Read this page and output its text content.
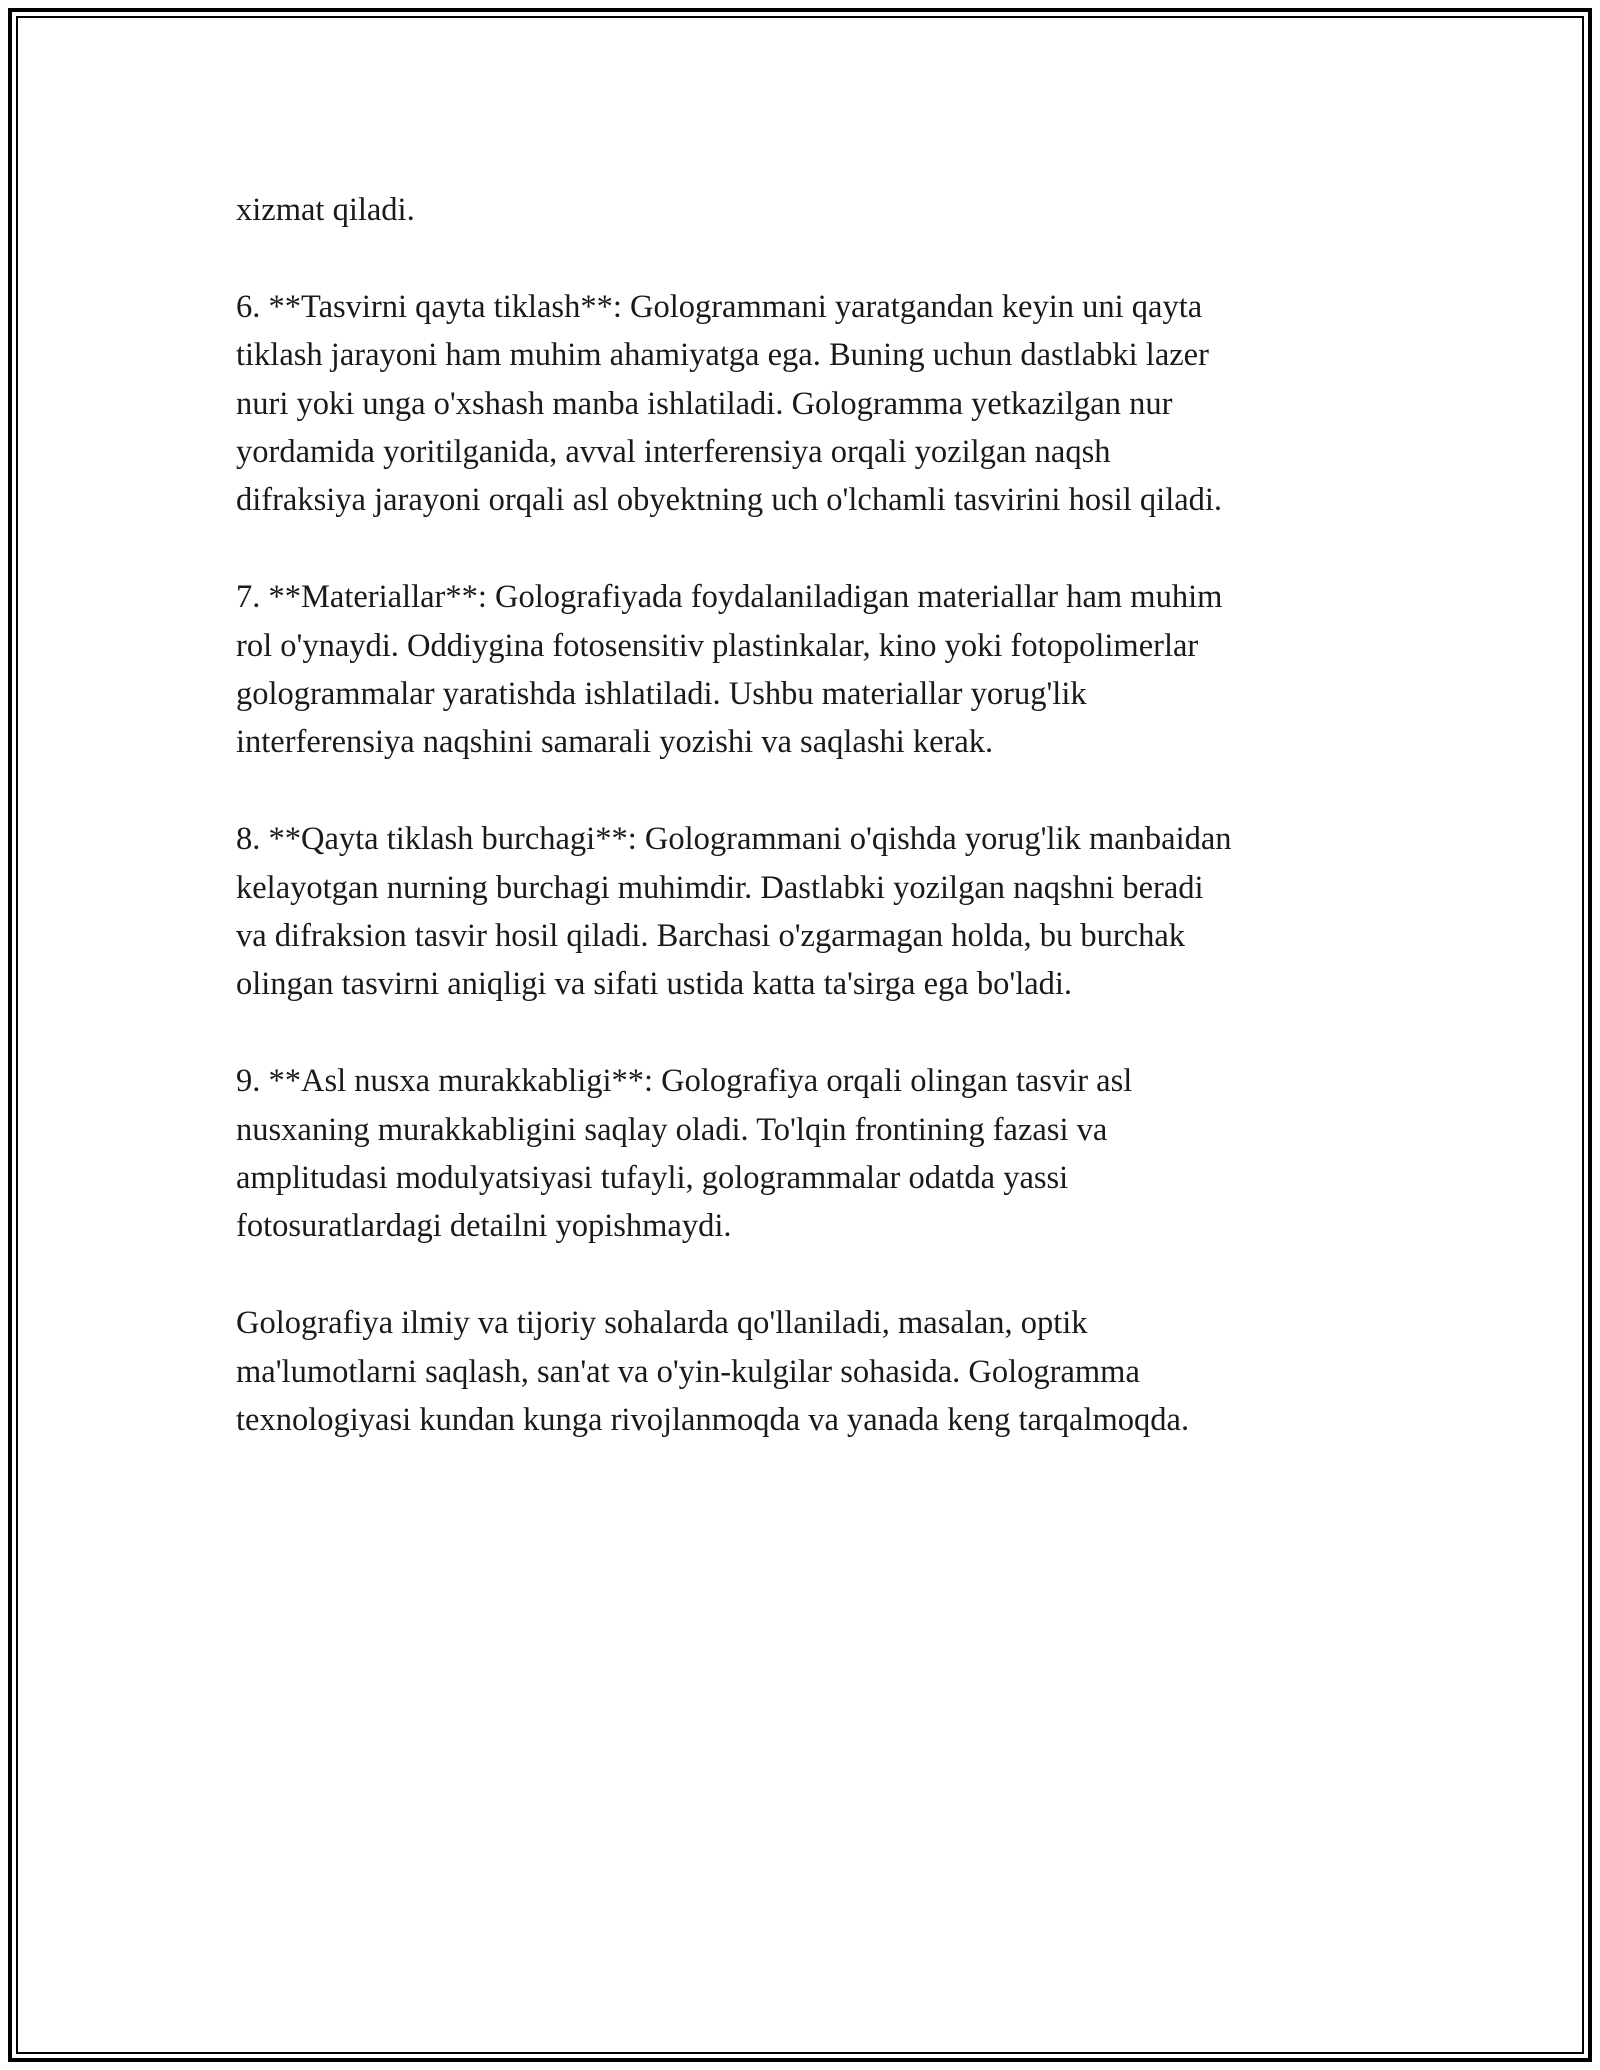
xizmat qiladi.

6. **Tasvirni qayta tiklash**: Gologrammani yaratgandan keyin uni qayta
tiklash jarayoni ham muhim ahamiyatga ega. Buning uchun dastlabki lazer
nuri yoki unga o'xshash manba ishlatiladi. Gologramma yetkazilgan nur
yordamida yoritilganida, avval interferensiya orqali yozilgan naqsh
difraksiya jarayoni orqali asl obyektning uch o'lchamli tasvirini hosil qiladi.

7. **Materiallar**: Golografiyada foydalaniladigan materiallar ham muhim
rol o'ynaydi. Oddiygina fotosensitiv plastinkalar, kino yoki fotopolimerlar
gologrammalar yaratishda ishlatiladi. Ushbu materiallar yorug'lik
interferensiya naqshini samarali yozishi va saqlashi kerak.

8. **Qayta tiklash burchagi**: Gologrammani o'qishda yorug'lik manbaidan
kelayotgan nurning burchagi muhimdir. Dastlabki yozilgan naqshni beradi
va difraksion tasvir hosil qiladi. Barchasi o'zgarmagan holda, bu burchak
olingan tasvirni aniqligi va sifati ustida katta ta'sirga ega bo'ladi.

9. **Asl nusxa murakkabligi**: Golografiya orqali olingan tasvir asl
nusxaning murakkabligini saqlay oladi. To'lqin frontining fazasi va
amplitudasi modulyatsiyasi tufayli, gologrammalar odatda yassi
fotosuratlardagi detailni yopishmaydi.

Golografiya ilmiy va tijoriy sohalarda qo'llaniladi, masalan, optik
ma'lumotlarni saqlash, san'at va o'yin-kulgilar sohasida. Gologramma
texnologiyasi kundan kunga rivojlanmoqda va yanada keng tarqalmoqda.
